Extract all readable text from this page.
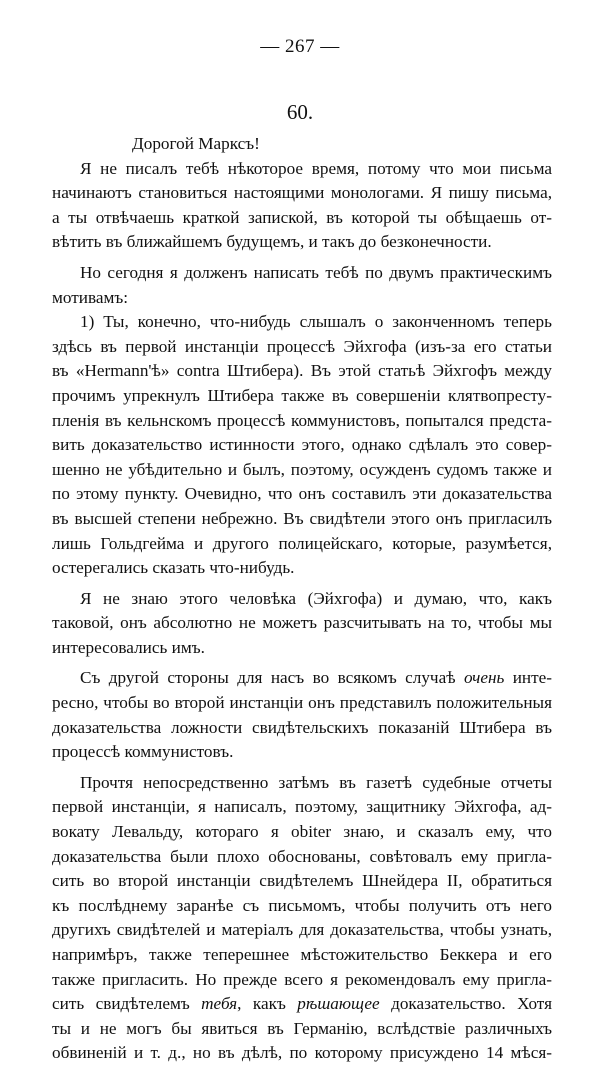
— 267 —
60.
Дорогой Марксъ!
Я не писалъ тебѣ нѣкоторое время, потому что мои письма
начинаютъ становиться настоящими монологами. Я пишу письма,
а ты отвѣчаешь краткой запиской, въ которой ты обѣщаешь от-
вѣтить въ ближайшемъ будущемъ, и такъ до безконечности.
Но сегодня я долженъ написать тебѣ по двумъ практическимъ
мотивамъ:
1) Ты, конечно, что-нибудь слышалъ о законченномъ теперь
здѣсь въ первой инстанціи процессѣ Эйхгофа (изъ-за его статьи
въ «Hermann'ѣ» contra Штибера). Въ этой статьѣ Эйхгофъ между
прочимъ упрекнулъ Штибера также въ совершеніи клятвопресту-
пленія въ кельнскомъ процессѣ коммунистовъ, попытался предста-
вить доказательство истинности этого, однако сдѣлалъ это совер-
шенно не убѣдительно и былъ, поэтому, осужденъ судомъ также и
по этому пункту. Очевидно, что онъ составилъ эти доказательства
въ высшей степени небрежно. Въ свидѣтели этого онъ пригласилъ
лишь Гольдгейма и другого полицейскаго, которые, разумѣется,
остерегались сказать что-нибудь.
Я не знаю этого человѣка (Эйхгофа) и думаю, что, какъ
таковой, онъ абсолютно не можетъ разсчитывать на то, чтобы мы
интересовались имъ.
Съ другой стороны для насъ во всякомъ случаѣ очень инте-
ресно, чтобы во второй инстанціи онъ представилъ положительныя
доказательства ложности свидѣтельскихъ показаній Штибера въ
процессѣ коммунистовъ.
Прочтя непосредственно затѣмъ въ газетѣ судебные отчеты
первой инстанціи, я написалъ, поэтому, защитнику Эйхгофа, ад-
вокату Левальду, котораго я obiter знаю, и сказалъ ему, что
доказательства были плохо обоснованы, совѣтовалъ ему пригла-
сить во второй инстанціи свидѣтелемъ Шнейдера II, обратиться
къ послѣднему заранѣе съ письмомъ, чтобы получить отъ него
другихъ свидѣтелей и матеріалъ для доказательства, чтобы узнать,
напримѣръ, также теперешнее мѣстожительство Беккера и его
также пригласить. Но прежде всего я рекомендовалъ ему пригла-
сить свидѣтелемъ тебя, какъ рѣшающее доказательство. Хотя
ты и не могъ бы явиться въ Германію, вслѣдствіе различныхъ
обвиненій и т. д., но въ дѣлѣ, по которому присуждено 14 мѣся-
